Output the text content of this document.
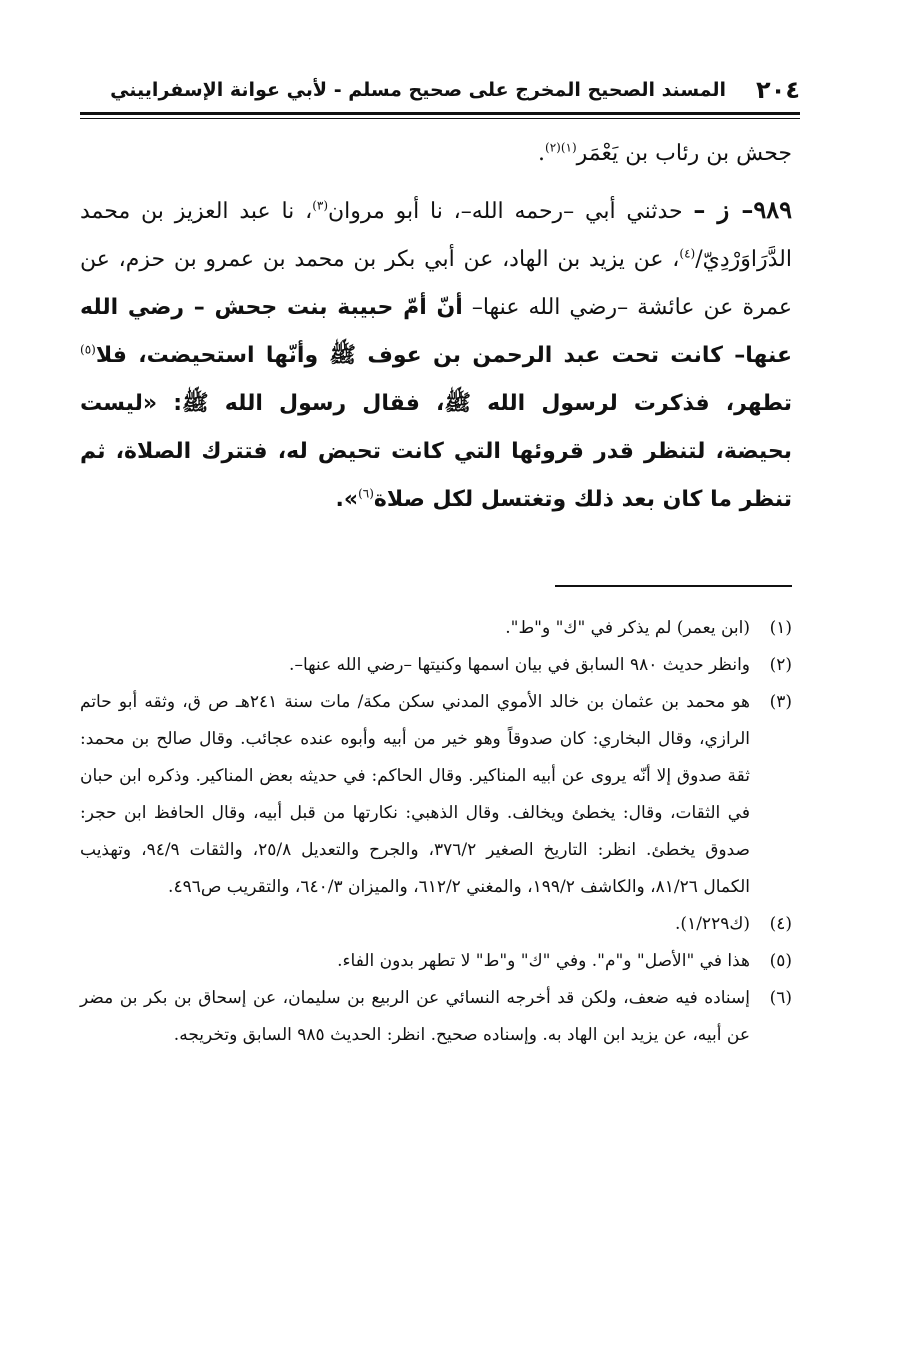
٢٠٤
المسند الصحيح المخرج على صحيح مسلم - لأبي عوانة الإسفراييني

جحش بن رئاب بن يَعْمَر$^{(١)(٢)}$.

٩٨٩– ز – حدثني أبي –رحمه الله–، نا أبو مروان$^{(٣)}$، نا عبد العزيز بن محمد الدَّرَاوَرْدِيّ/$^{(٤)}$، عن يزيد بن الهاد، عن أبي بكر بن محمد بن عمرو بن حزم، عن عمرة عن عائشة –رضي الله عنها– أنّ أمّ حبيبة بنت جحش – رضي الله عنها– كانت تحت عبد الرحمن بن عوف ﷺ وأنّها استحيضت، فلا$^{(٥)}$ تطهر، فذكرت لرسول الله ﷺ، فقال رسول الله ﷺ: «ليست بحيضة، لتنظر قدر قروئها التي كانت تحيض له، فتترك الصلاة، ثم تنظر ما كان بعد ذلك وتغتسل لكل صلاة$^{(٦)}$».

(١)
(ابن يعمر) لم يذكر في "ك" و"ط".
(٢)
وانظر حديث ٩٨٠ السابق في بيان اسمها وكنيتها –رضي الله عنها–.
(٣)
هو محمد بن عثمان بن خالد الأموي المدني سكن مكة/ مات سنة ٢٤١هـ ص ق، وثقه أبو حاتم الرازي، وقال البخاري: كان صدوقاً وهو خير من أبيه وأبوه عنده عجائب. وقال صالح بن محمد: ثقة صدوق إلا أنّه يروى عن أبيه المناكير. وقال الحاكم: في حديثه بعض المناكير. وذكره ابن حبان في الثقات، وقال: يخطئ ويخالف. وقال الذهبي: نكارتها من قبل أبيه، وقال الحافظ ابن حجر: صدوق يخطئ. انظر: التاريخ الصغير ٣٧٦/٢، والجرح والتعديل ٢٥/٨، والثقات ٩٤/٩، وتهذيب الكمال ٨١/٢٦، والكاشف ١٩٩/٢، والمغني ٦١٢/٢، والميزان ٦٤٠/٣، والتقريب ص٤٩٦.
(٤)
(ك١/٢٢٩).
(٥)
هذا في "الأصل" و"م". وفي "ك" و"ط" لا تطهر بدون الفاء.
(٦)
إسناده فيه ضعف، ولكن قد أخرجه النسائي عن الربيع بن سليمان، عن إسحاق بن بكر بن مضر عن أبيه، عن يزيد ابن الهاد به. وإسناده صحيح. انظر: الحديث ٩٨٥ السابق وتخريجه.
